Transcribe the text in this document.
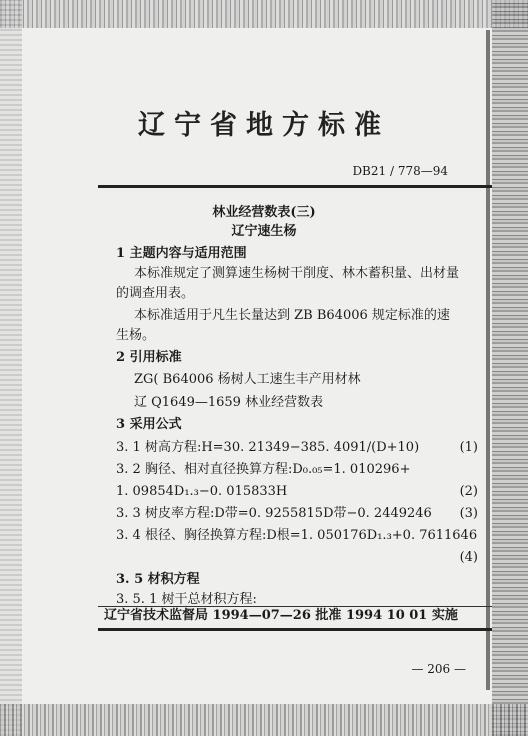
辽宁省地方标准
DB21 / 778—94
林业经营数表(三)
辽宁速生杨
1 主题内容与适用范围
本标准规定了测算速生杨树干削度、林木蓄积量、出材量
的调查用表。
本标准适用于凡生长量达到 ZB B64006 规定标准的速
生杨。
2 引用标准
ZG( B64006 杨树人工速生丰产用材林
辽 Q1649—1659 林业经营数表
3 采用公式
3. 1 树高方程:H=30. 21349−385. 4091/(D+10)	(1)
3. 2 胸径、相对直径换算方程:D₀.₀₅=1. 010296+
1. 09854D₁.₃−0. 015833H	(2)
3. 3 树皮率方程:D带=0. 9255815D带−0. 2449246 (3)
3. 4 根径、胸径换算方程:D根=1. 050176D₁.₃+0. 7611646
(4)
3. 5 材积方程
3. 5. 1 树干总材积方程:
辽宁省技术监督局 1994—07—26 批准 1994 10 01 实施
— 206 —
